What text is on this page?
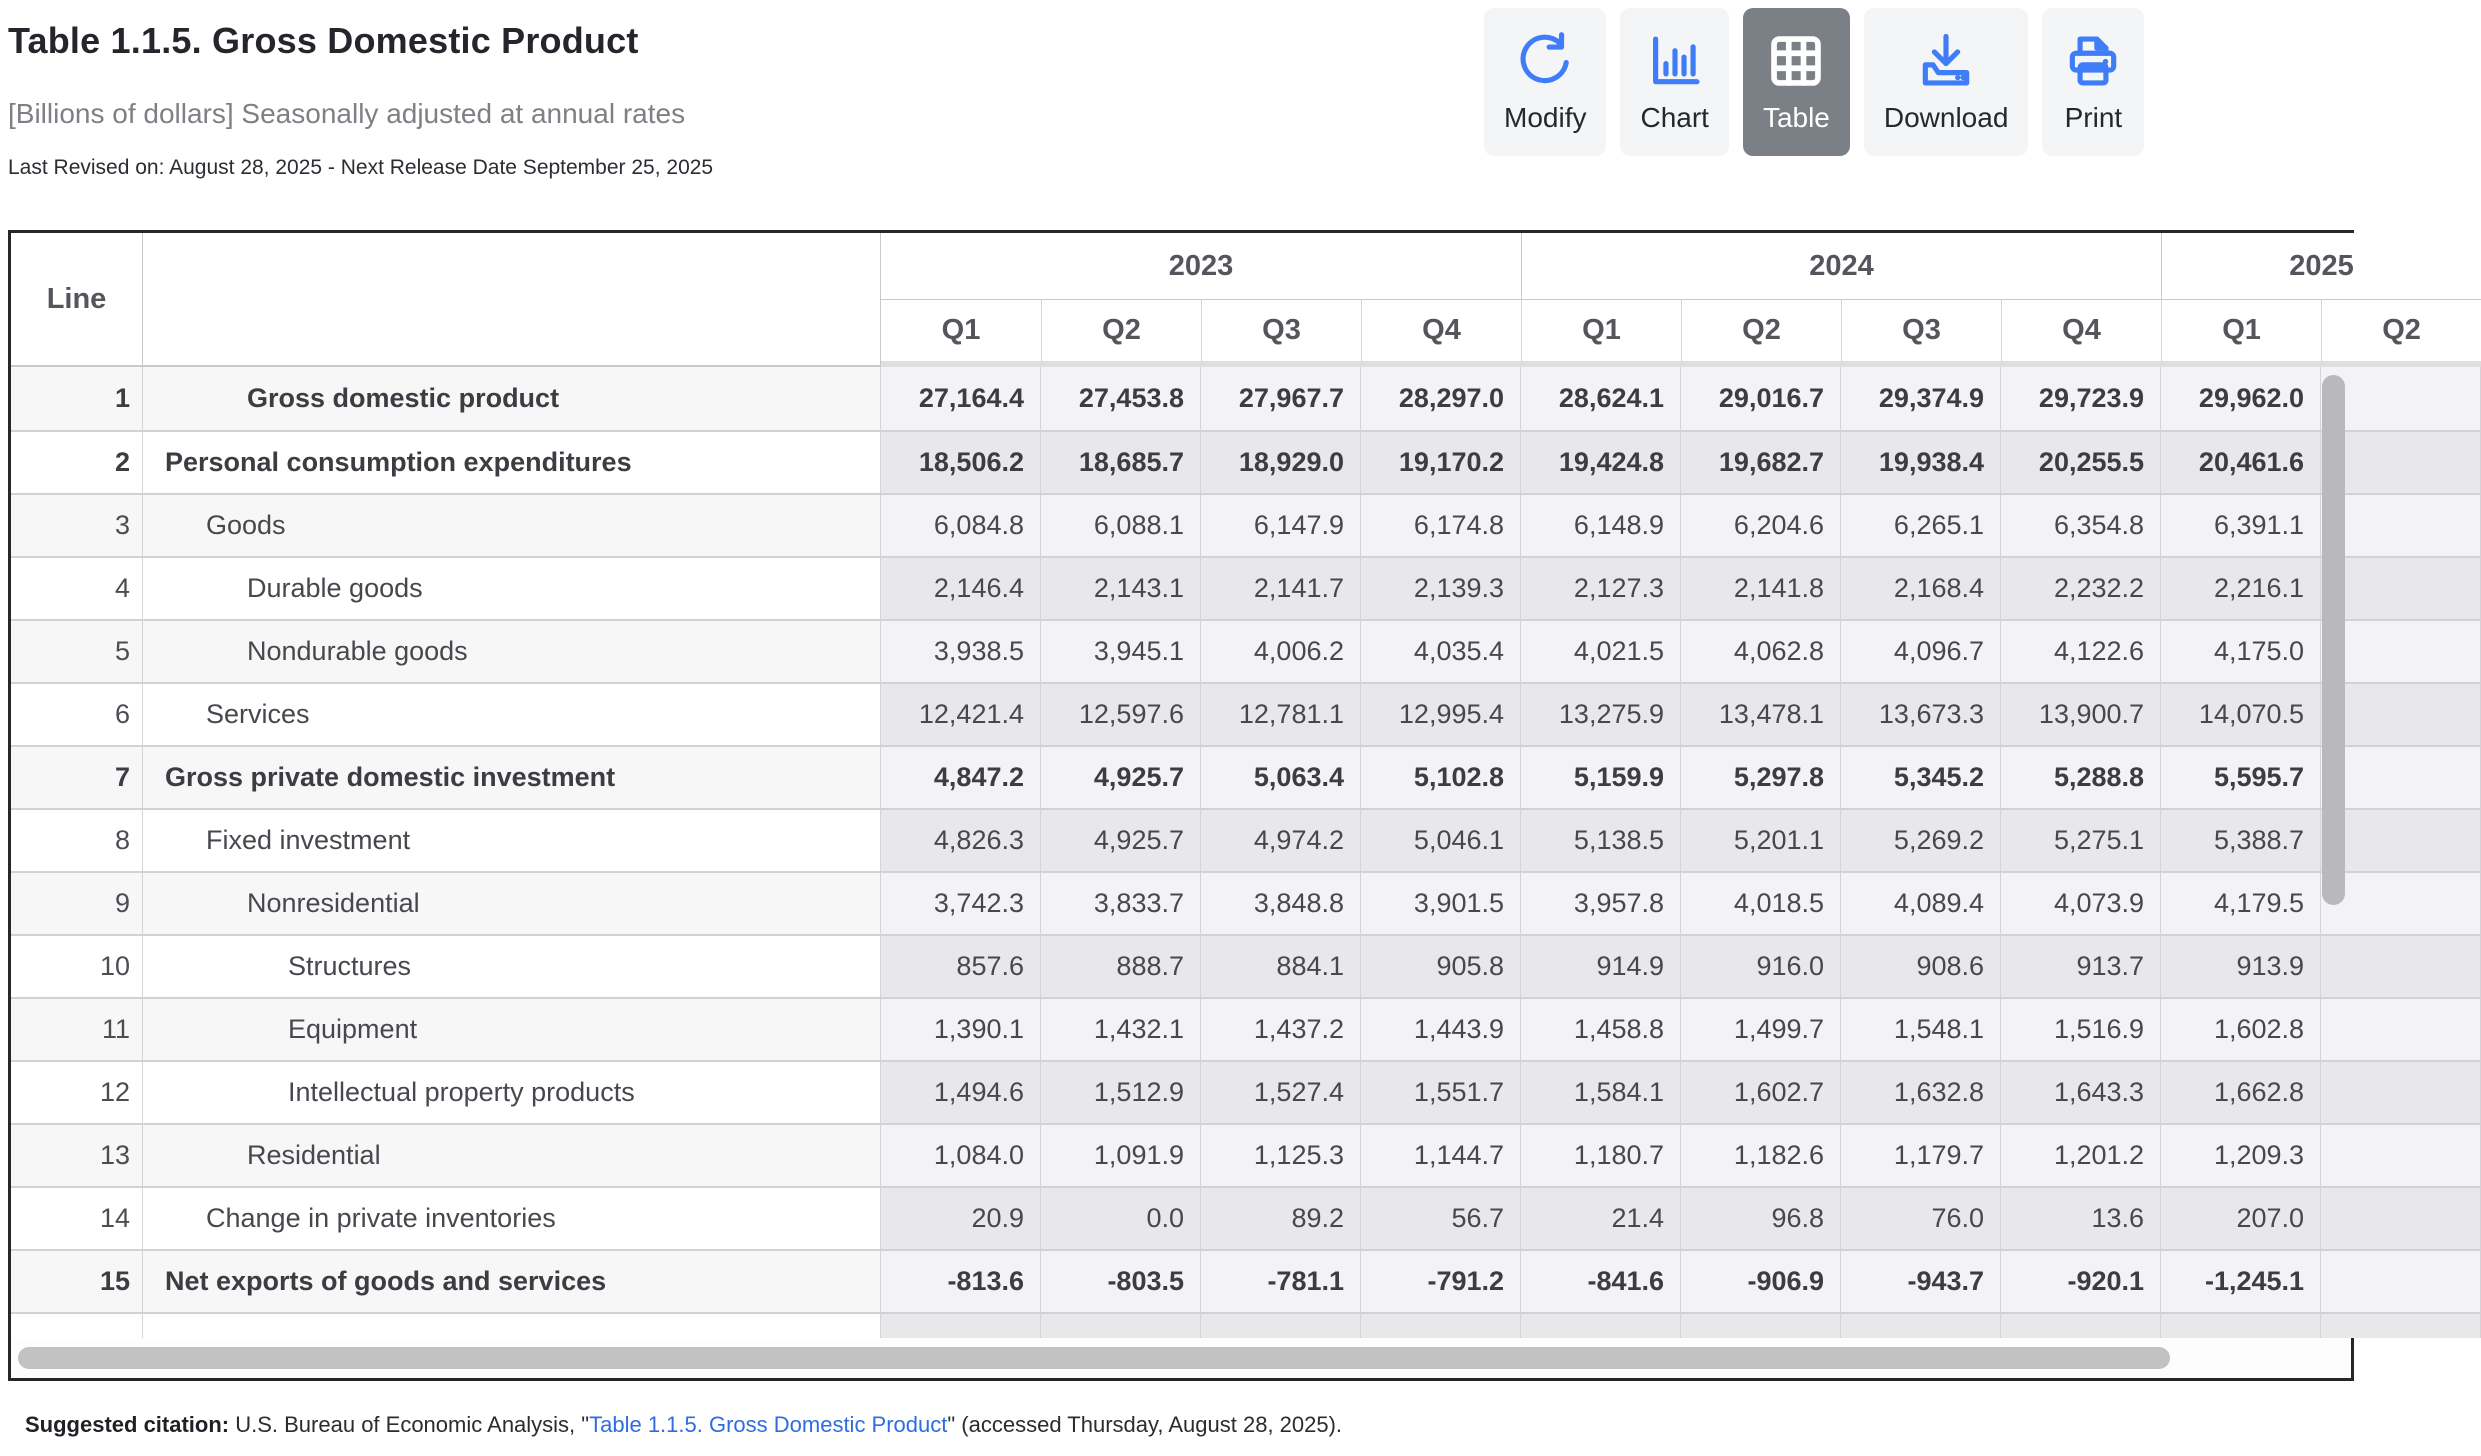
Table 1.1.5. Gross Domestic Product
[Billions of dollars] Seasonally adjusted at annual rates
Last Revised on: August 28, 2025 - Next Release Date September 25, 2025
Modify Chart Table Download Print
Line		2023				2024				2025	
		Q1	Q2	Q3	Q4	Q1	Q2	Q3	Q4	Q1	Q2
1	Gross domestic product	27,164.4	27,453.8	27,967.7	28,297.0	28,624.1	29,016.7	29,374.9	29,723.9	29,962.0	
2	Personal consumption expenditures	18,506.2	18,685.7	18,929.0	19,170.2	19,424.8	19,682.7	19,938.4	20,255.5	20,461.6	
3	Goods	6,084.8	6,088.1	6,147.9	6,174.8	6,148.9	6,204.6	6,265.1	6,354.8	6,391.1	
4	Durable goods	2,146.4	2,143.1	2,141.7	2,139.3	2,127.3	2,141.8	2,168.4	2,232.2	2,216.1	
5	Nondurable goods	3,938.5	3,945.1	4,006.2	4,035.4	4,021.5	4,062.8	4,096.7	4,122.6	4,175.0	
6	Services	12,421.4	12,597.6	12,781.1	12,995.4	13,275.9	13,478.1	13,673.3	13,900.7	14,070.5	
7	Gross private domestic investment	4,847.2	4,925.7	5,063.4	5,102.8	5,159.9	5,297.8	5,345.2	5,288.8	5,595.7	
8	Fixed investment	4,826.3	4,925.7	4,974.2	5,046.1	5,138.5	5,201.1	5,269.2	5,275.1	5,388.7	
9	Nonresidential	3,742.3	3,833.7	3,848.8	3,901.5	3,957.8	4,018.5	4,089.4	4,073.9	4,179.5	
10	Structures	857.6	888.7	884.1	905.8	914.9	916.0	908.6	913.7	913.9	
11	Equipment	1,390.1	1,432.1	1,437.2	1,443.9	1,458.8	1,499.7	1,548.1	1,516.9	1,602.8	
12	Intellectual property products	1,494.6	1,512.9	1,527.4	1,551.7	1,584.1	1,602.7	1,632.8	1,643.3	1,662.8	
13	Residential	1,084.0	1,091.9	1,125.3	1,144.7	1,180.7	1,182.6	1,179.7	1,201.2	1,209.3	
14	Change in private inventories	20.9	0.0	89.2	56.7	21.4	96.8	76.0	13.6	207.0	
15	Net exports of goods and services	-813.6	-803.5	-781.1	-791.2	-841.6	-906.9	-943.7	-920.1	-1,245.1	

Suggested citation: U.S. Bureau of Economic Analysis, "Table 1.1.5. Gross Domestic Product" (accessed Thursday, August 28, 2025).
